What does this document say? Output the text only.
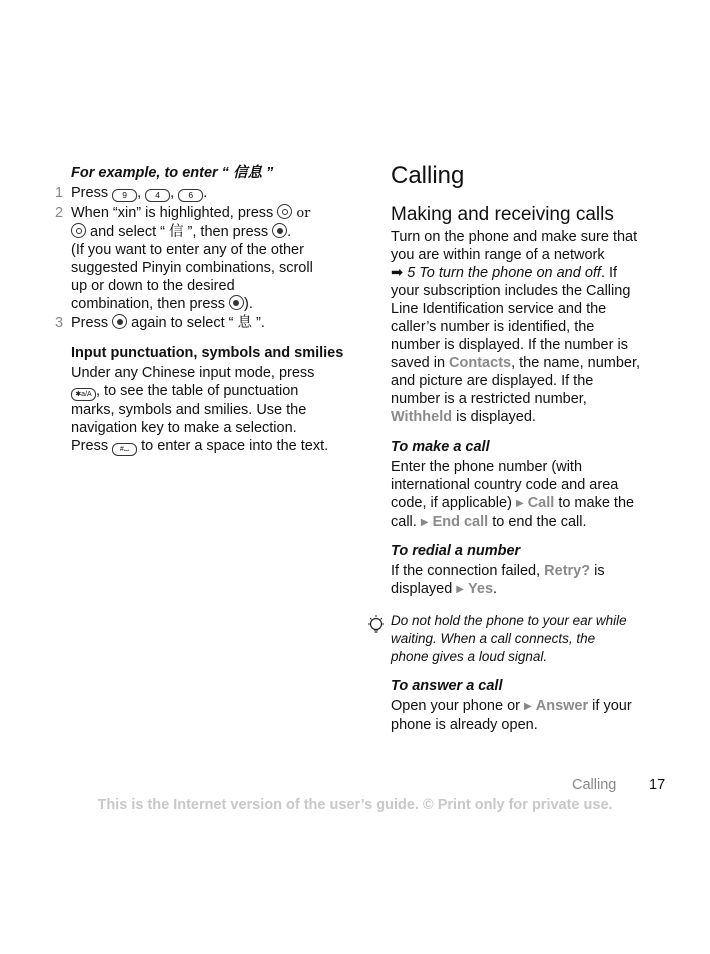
For example, to enter “ 信息 ”
1 Press 9 , 4 , 6 .
2 When “xin” is highlighted, press or
and select “ 信 ”, then press .
(If you want to enter any of the other
suggested Pinyin combinations, scroll
up or down to the desired
combination, then press ).
3 Press again to select “ 息 ”.
Input punctuation, symbols and smilies
Under any Chinese input mode, press
✱a/A , to see the table of punctuation
marks, symbols and smilies. Use the
navigation key to make a selection.
Press #⌴ to enter a space into the text.
Calling
Making and receiving calls
Turn on the phone and make sure that
you are within range of a network
➡ 5 To turn the phone on and off. If
your subscription includes the Calling
Line Identification service and the
caller’s number is identified, the
number is displayed. If the number is
saved in Contacts, the name, number,
and picture are displayed. If the
number is a restricted number,
Withheld is displayed.
To make a call
Enter the phone number (with
international country code and area
code, if applicable) ▶ Call to make the
call. ▶ End call to end the call.
To redial a number
If the connection failed, Retry? is
displayed ▶ Yes.
Do not hold the phone to your ear while
waiting. When a call connects, the
phone gives a loud signal.
To answer a call
Open your phone or ▶ Answer if your
phone is already open.
Calling 17
This is the Internet version of the user’s guide. © Print only for private use.
